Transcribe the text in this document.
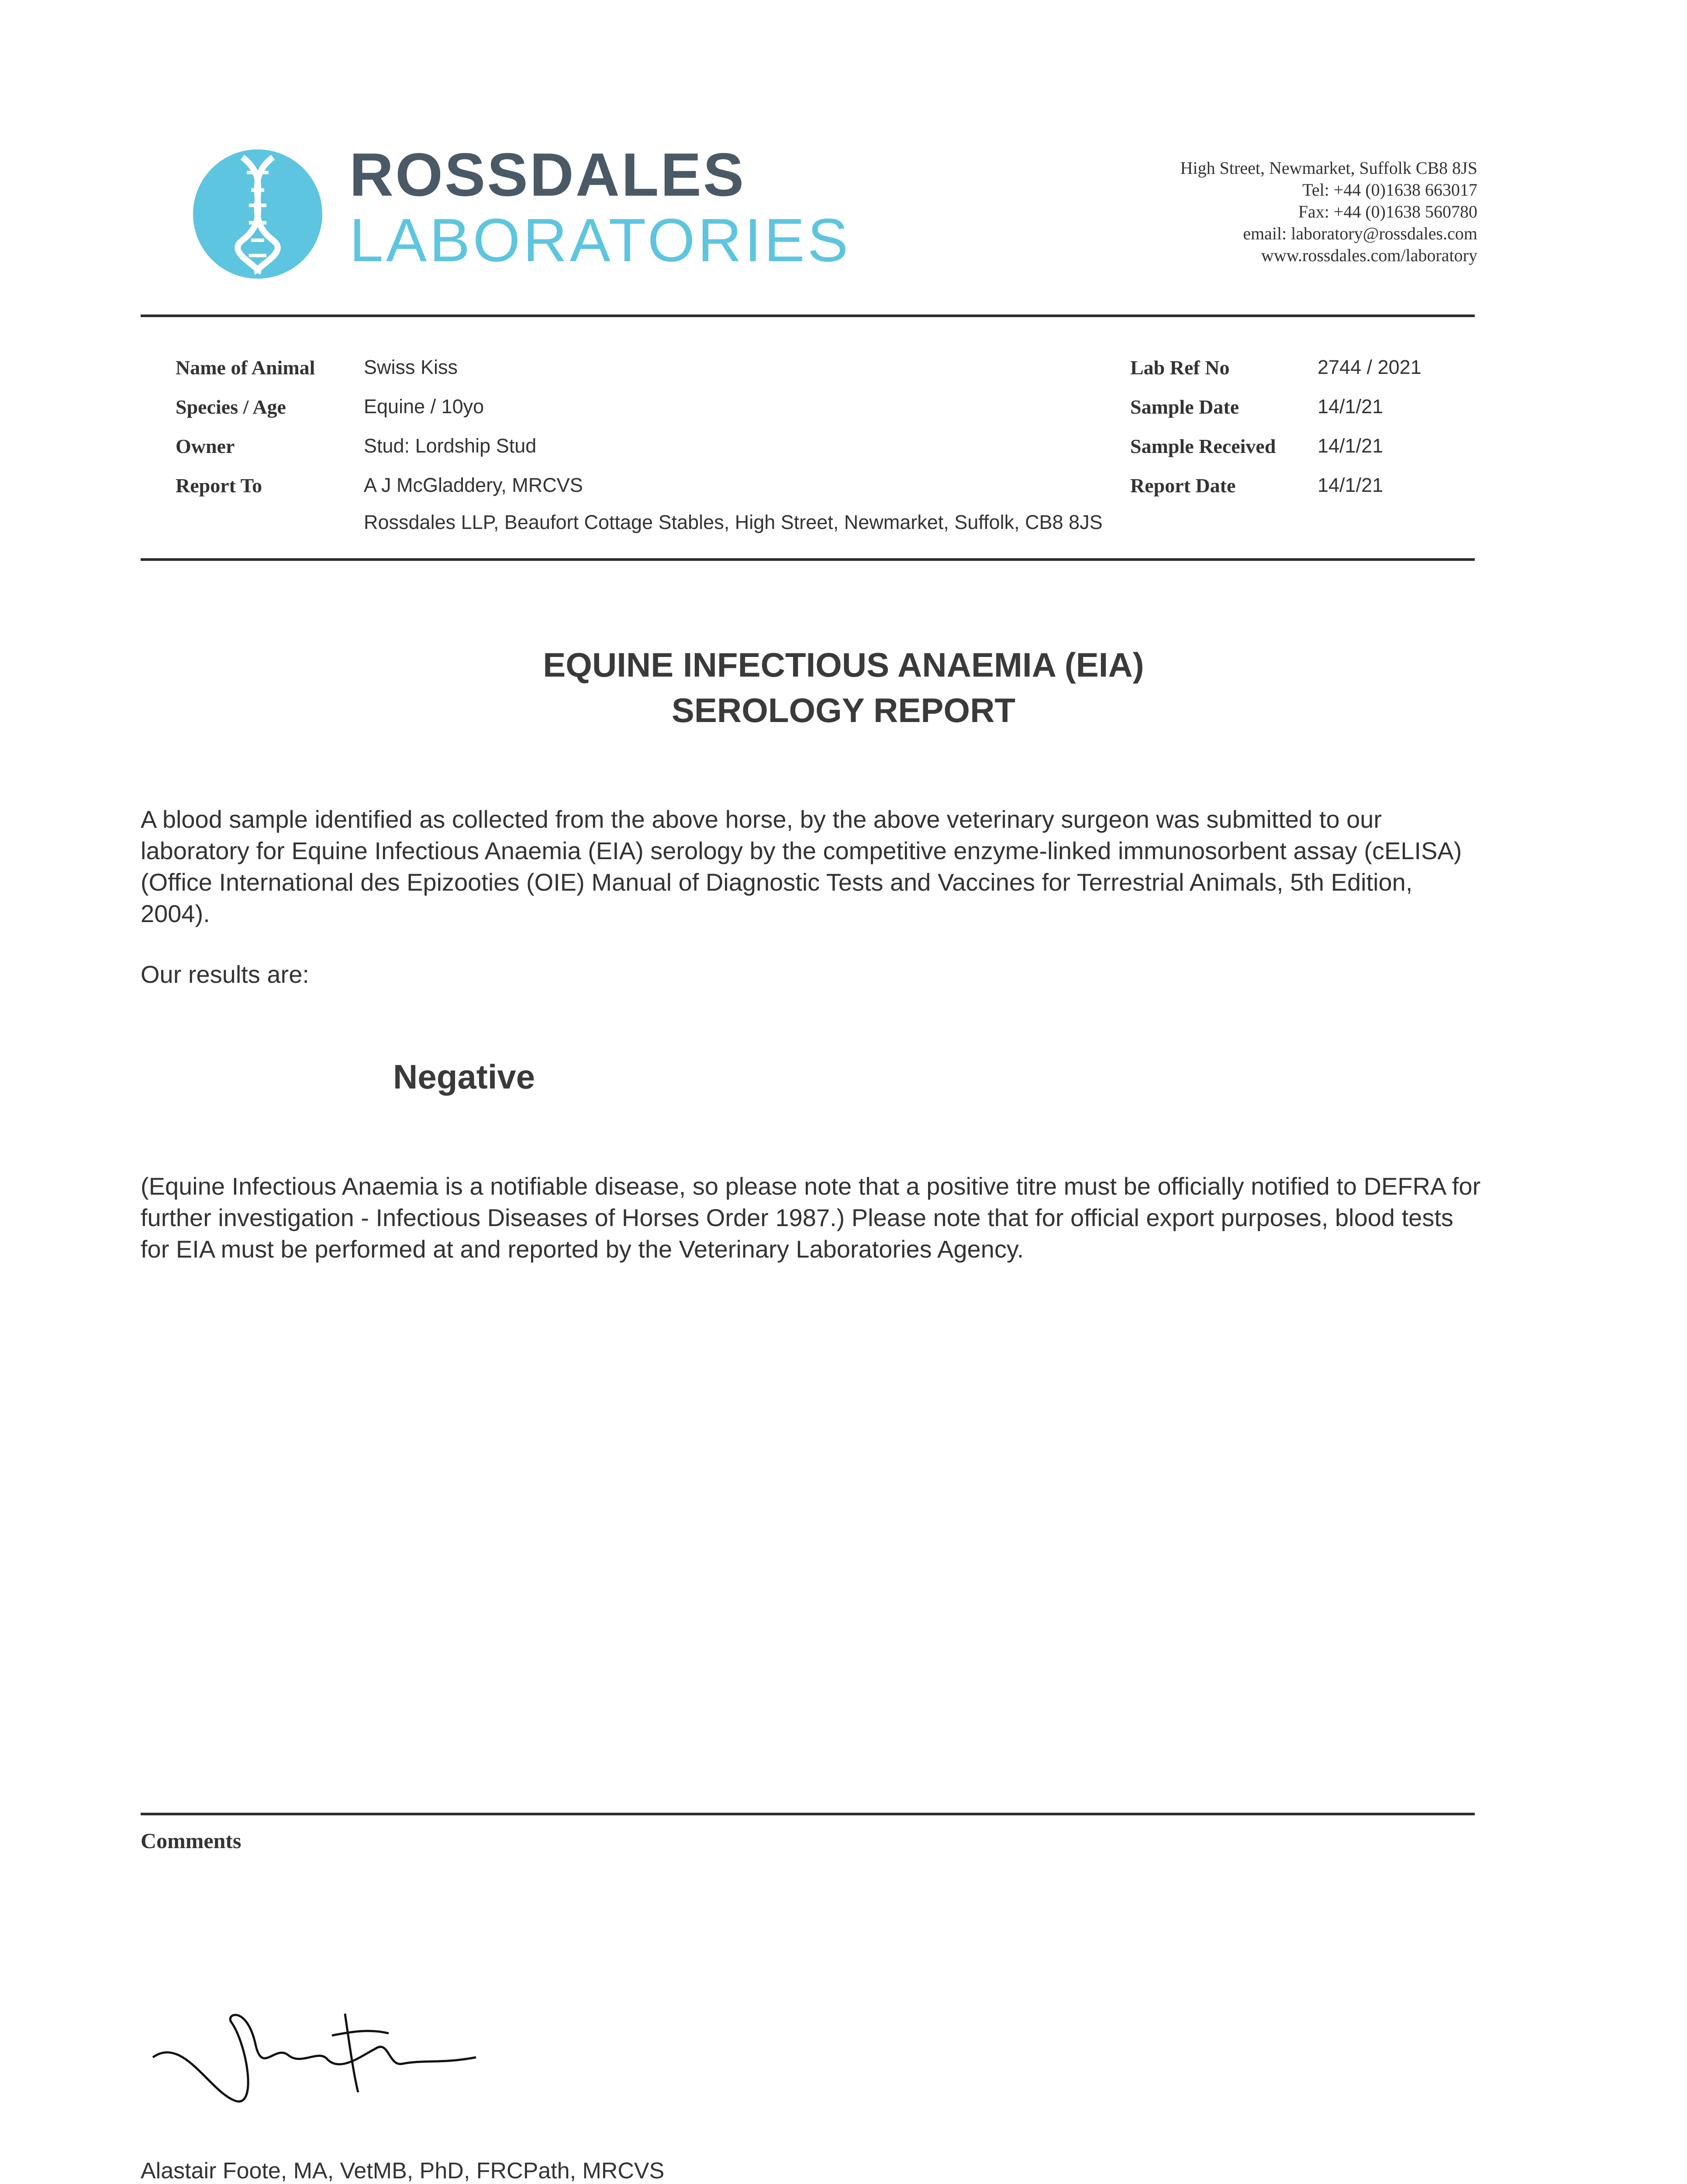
ROSSDALES
LABORATORIES
High Street, Newmarket, Suffolk CB8 8JS
Tel: +44 (0)1638 663017
Fax: +44 (0)1638 560780
email: laboratory@rossdales.com
www.rossdales.com/laboratory
Name of Animal Swiss Kiss
Species / Age	Equine / 10yo
Owner	Stud: Lordship Stud
Report To	A J McGladdery, MRCVS
Rossdales LLP, Beaufort Cottage Stables, High Street, Newmarket, Suffolk, CB8 8JS
Lab Ref No	2744 / 2021
Sample Date	14/1/21
Sample Received 14/1/21
Report Date	14/1/21
EQUINE INFECTIOUS ANAEMIA (EIA)
SEROLOGY REPORT
A blood sample identified as collected from the above horse, by the above veterinary surgeon was submitted to our laboratory for Equine Infectious Anaemia (EIA) serology by the competitive enzyme-linked immunosorbent assay (cELISA) (Office International des Epizooties (OIE) Manual of Diagnostic Tests and Vaccines for Terrestrial Animals, 5th Edition, 2004).
Our results are:
Negative
(Equine Infectious Anaemia is a notifiable disease, so please note that a positive titre must be officially notified to DEFRA for further investigation - Infectious Diseases of Horses Order 1987.) Please note that for official export purposes, blood tests for EIA must be performed at and reported by the Veterinary Laboratories Agency.
Comments
Alastair Foote, MA, VetMB, PhD, FRCPath, MRCVS
